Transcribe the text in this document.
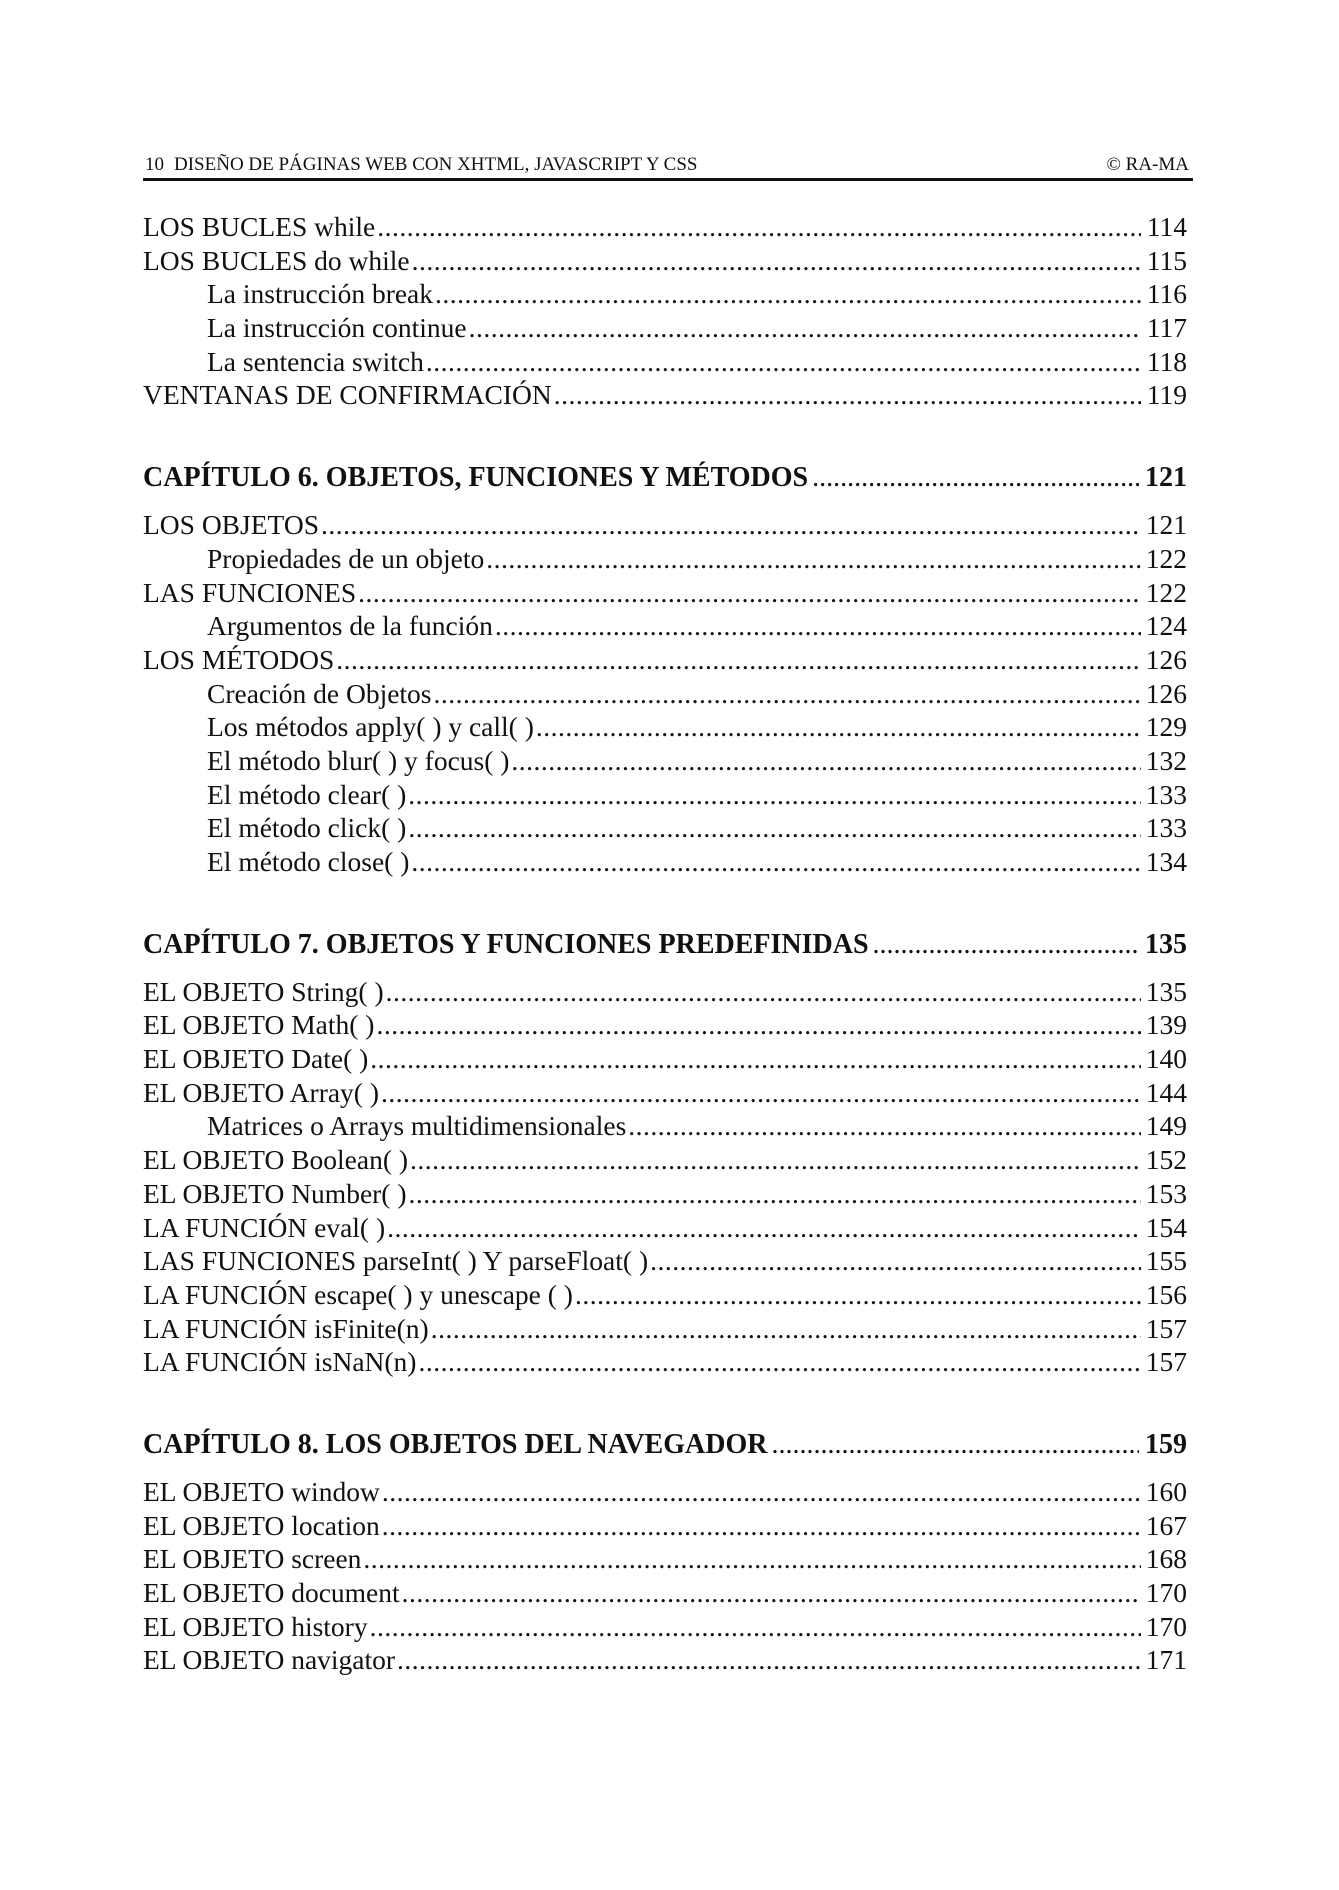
10 DISEÑO DE PÁGINAS WEB CON XHTML, JAVASCRIPT Y CSS	© RA-MA
LOS BUCLES while .....	114
LOS BUCLES do while .....	115
La instrucción break .....	116
La instrucción continue .....	117
La sentencia switch .....	118
VENTANAS DE CONFIRMACIÓN .....	119
CAPÍTULO 6. OBJETOS, FUNCIONES Y MÉTODOS .....	121
LOS OBJETOS .....	121
Propiedades de un objeto .....	122
LAS FUNCIONES .....	122
Argumentos de la función .....	124
LOS MÉTODOS .....	126
Creación de Objetos .....	126
Los métodos apply( ) y call( ) .....	129
El método blur( ) y focus( ) .....	132
El método clear( ) .....	133
El método click( ) .....	133
El método close( ) .....	134
CAPÍTULO 7. OBJETOS Y FUNCIONES PREDEFINIDAS .....	135
EL OBJETO String( ) .....	135
EL OBJETO Math( ) .....	139
EL OBJETO Date( ) .....	140
EL OBJETO Array( ) .....	144
Matrices o Arrays multidimensionales .....	149
EL OBJETO Boolean( ) .....	152
EL OBJETO Number( ) .....	153
LA FUNCIÓN eval( ) .....	154
LAS FUNCIONES parseInt( ) Y parseFloat( ) .....	155
LA FUNCIÓN escape( ) y unescape ( ) .....	156
LA FUNCIÓN isFinite(n) .....	157
LA FUNCIÓN isNaN(n) .....	157
CAPÍTULO 8. LOS OBJETOS DEL NAVEGADOR .....	159
EL OBJETO window .....	160
EL OBJETO location .....	167
EL OBJETO screen .....	168
EL OBJETO document .....	170
EL OBJETO history .....	170
EL OBJETO navigator .....	171
